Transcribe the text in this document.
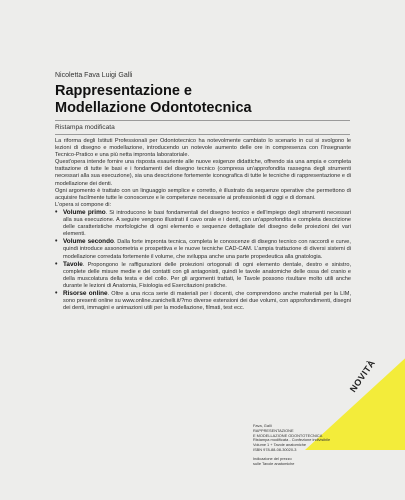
Nicoletta Fava Luigi Galli
Rappresentazione e
Modellazione Odontotecnica
Ristampa modificata

La riforma degli Istituti Professionali per Odontotecnico ha notevolmente cambiato lo scenario in cui si svolgono le lezioni di disegno e modellazione, introducendo un notevole aumento delle ore in compresenza con l'Insegnante Tecnico-Pratico e una più netta impronta laboratoriale.

Quest'opera intende fornire una risposta esauriente alle nuove esigenze didattiche, offrendo sia una ampia e completa trattazione di tutte le basi e i fondamenti del disegno tecnico (compresa un'approfondita rassegna degli strumenti necessari alla sua esecuzione), sia una descrizione fortemente iconografica di tutte le tecniche di rappresentazione e di modellazione dei denti.

Ogni argomento è trattato con un linguaggio semplice e corretto, è illustrato da sequenze operative che permettono di acquisire facilmente tutte le conoscenze e le competenze necessarie ai professionisti di oggi e di domani.

L'opera si compone di:

• Volume primo. Si introducono le basi fondamentali del disegno tecnico e dell'impiego degli strumenti necessari alla sua esecuzione. A seguire vengono illustrati il cavo orale e i denti, con un'approfondita e completa descrizione delle caratteristiche morfologiche di ogni elemento e sequenze dettagliate del disegno delle proiezioni dei vari elementi.

• Volume secondo. Dalla forte impronta tecnica, completa le conoscenze di disegno tecnico con raccordi e curve, quindi introduce assonometria e prospettiva e le nuove tecniche CAD-CAM. L'ampia trattazione di diversi sistemi di modellazione corredata fortemente il volume, che sviluppa anche una parte propedeutica alla gnatologia.

• Tavole. Propongono le raffigurazioni delle proiezioni ortogonali di ogni elemento dentale, destro e sinistro, complete delle misure medie e dei contatti con gli antagonisti, quindi le tavole anatomiche delle ossa del cranio e della muscolatura della testa e del collo. Per gli argomenti trattati, le Tavole possono risultare molto utili anche durante le lezioni di Anatomia, Fisiologia ed Esercitazioni pratiche.

• Risorse online. Oltre a una ricca serie di materiali per i docenti, che comprendono anche materiali per la LIM, sono presenti online su www.online.zanichelli.it/?mo diverse estensioni dei due volumi, con approfondimenti, disegni dei denti, immagini e animazioni utili per la modellazione, filmati, test ecc.

NOVITÀ
Fava, Galli
RAPPRESENTAZIONE
E MODELLAZIONE ODONTOTECNICA
Ristampa modificata - Confezione indivisibile
Volume 1 + Tavole anatomiche
ISBN 978-88-08-30020-3
Indicazione del prezzo
sulle Tavole anatomiche
